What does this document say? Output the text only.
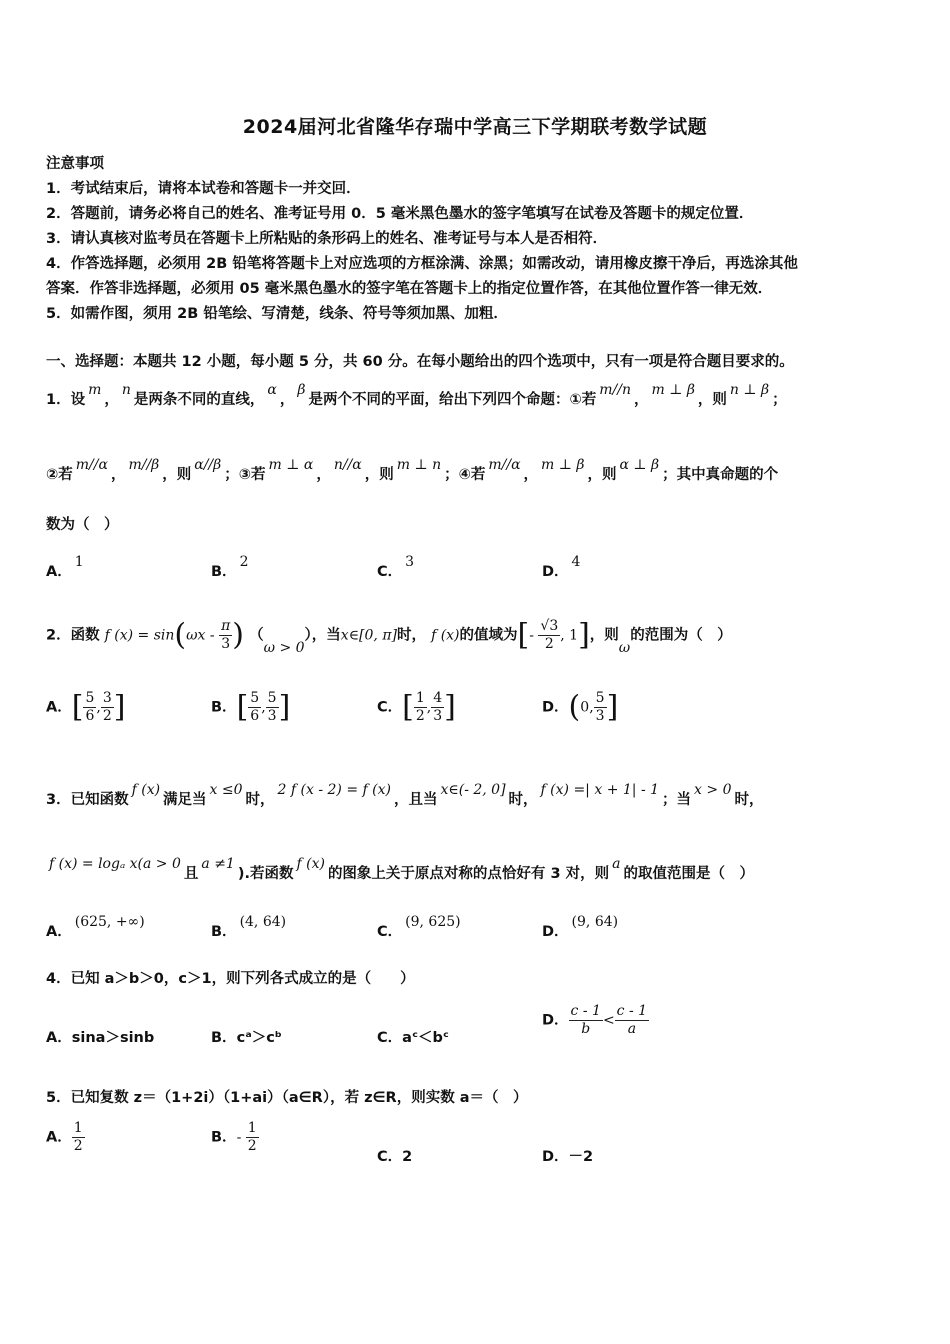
2024届河北省隆华存瑞中学高三下学期联考数学试题
注意事项
1．考试结束后，请将本试卷和答题卡一并交回．
2．答题前，请务必将自己的姓名、准考证号用 0．5 毫米黑色墨水的签字笔填写在试卷及答题卡的规定位置．
3．请认真核对监考员在答题卡上所粘贴的条形码上的姓名、准考证号与本人是否相符．
4．作答选择题，必须用 2B 铅笔将答题卡上对应选项的方框涂满、涂黑；如需改动，请用橡皮擦干净后，再选涂其他
答案．作答非选择题，必须用 05 毫米黑色墨水的签字笔在答题卡上的指定位置作答，在其他位置作答一律无效．
5．如需作图，须用 2B 铅笔绘、写清楚，线条、符号等须加黑、加粗．
一、选择题：本题共 12 小题，每小题 5 分，共 60 分。在每小题给出的四个选项中，只有一项是符合题目要求的。
1．设m，n是两条不同的直线，α，β是两个不同的平面，给出下列四个命题：①若m//n，m ⊥ β，则n ⊥ β；
②若m//α，m//β，则α//β；③若m ⊥ α，n//α，则m ⊥ n；④若m//α，m ⊥ β，则α ⊥ β；其中真命题的个
数为（　）
A．1
B．2
C．3
D．4
2．函数 f $(x) = \sin(\omega x - \frac{\pi}{3}$ ) （ω > 0），当x∈[0, π]时， f (x)的值域为[- $\frac{√3}{2}$ , 1]，则ω的范围为（　）
A．[ $\frac{5}{6}$ , $\frac{3}{2}$ ]	B．[ $\frac{5}{6}$ , $\frac{5}{3}$ ]	C．[ $\frac{1}{2}$ , $\frac{4}{3}$ ]	D．(0, $\frac{5}{3}$ ]
3．已知函数f (x)满足当x ≤0时，2 f (x - 2) = f (x)，且当x∈(- 2, 0]时，f (x) =| x + 1| - 1；当x > 0时，
f (x) = logₐ x(a > 0且a ≠1).若函数f (x)的图象上关于原点对称的点恰好有 3 对，则a的取值范围是（　）
A．(625, +∞)
B．(4, 64)
C．(9, 625)
D．(9, 64)
4．已知 a＞b＞0，c＞1，则下列各式成立的是（　　）
A．sina＞sinb	B．cᵃ＞cᵇ	C．aᶜ＜bᶜ
D． $\frac{c - 1}{b} < \frac{c - 1}{a}$
5．已知复数 z＝（1+2i）（1+ai）（a∈R），若 z∈R，则实数 a＝（　）
A． $\frac{1}{2}$	B．- $\frac{1}{2}$
C．2	D．－2
